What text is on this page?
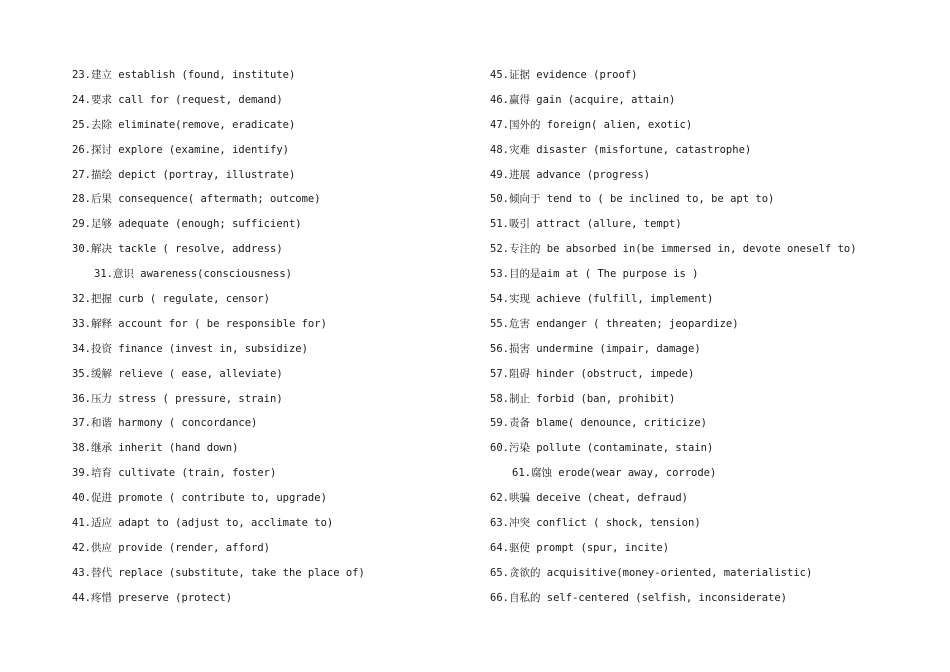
23.建立 establish (found, institute)
24.要求 call for (request, demand)
25.去除 eliminate(remove, eradicate)
26.探讨 explore (examine, identify)
27.描绘 depict (portray, illustrate)
28.后果 consequence( aftermath; outcome)
29.足够 adequate (enough; sufficient)
30.解决 tackle ( resolve, address)
31.意识 awareness(consciousness)
32.把握 curb ( regulate, censor)
33.解释 account for ( be responsible for)
34.投资 finance (invest in, subsidize)
35.缓解 relieve ( ease, alleviate)
36.压力 stress ( pressure, strain)
37.和谐 harmony ( concordance)
38.继承 inherit (hand down)
39.培育 cultivate (train, foster)
40.促进 promote ( contribute to, upgrade)
41.适应 adapt to (adjust to, acclimate to)
42.供应 provide (render, afford)
43.替代 replace (substitute, take the place of)
44.疼惜 preserve (protect)
45.证据 evidence (proof)
46.赢得 gain (acquire, attain)
47.国外的 foreign( alien, exotic)
48.灾难 disaster (misfortune, catastrophe)
49.进展 advance (progress)
50.倾向于 tend to ( be inclined to, be apt to)
51.吸引 attract (allure, tempt)
52.专注的 be absorbed in(be immersed in, devote oneself to)
53.目的是aim at ( The purpose is )
54.实现 achieve (fulfill, implement)
55.危害 endanger ( threaten; jeopardize)
56.损害 undermine (impair, damage)
57.阻碍 hinder (obstruct, impede)
58.制止 forbid (ban, prohibit)
59.责备 blame( denounce, criticize)
60.污染 pollute (contaminate, stain)
61.腐蚀 erode(wear away, corrode)
62.哄骗 deceive (cheat, defraud)
63.冲突 conflict ( shock, tension)
64.驱使 prompt (spur, incite)
65.贪欲的 acquisitive(money-oriented, materialistic)
66.自私的 self-centered (selfish, inconsiderate)
